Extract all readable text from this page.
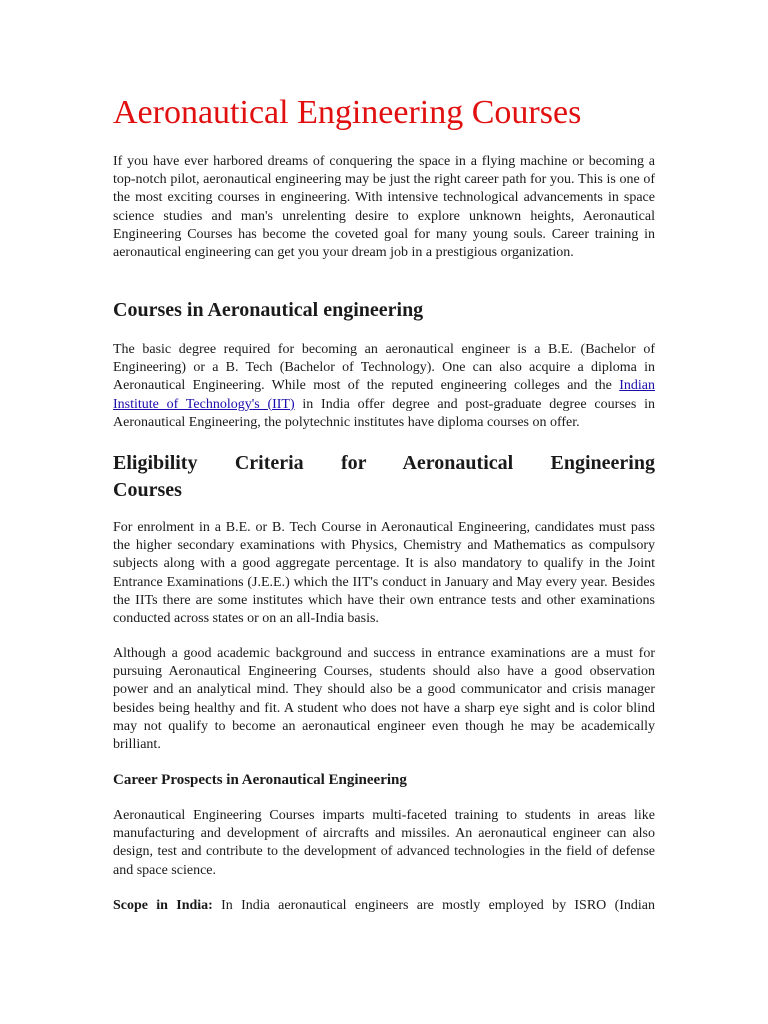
Aeronautical Engineering Courses

If you have ever harbored dreams of conquering the space in a flying machine or becoming a top-notch pilot, aeronautical engineering may be just the right career path for you. This is one of the most exciting courses in engineering. With intensive technological advancements in space science studies and man's unrelenting desire to explore unknown heights, Aeronautical Engineering Courses has become the coveted goal for many young souls. Career training in aeronautical engineering can get you your dream job in a prestigious organization.

Courses in Aeronautical engineering

The basic degree required for becoming an aeronautical engineer is a B.E. (Bachelor of Engineering) or a B. Tech (Bachelor of Technology). One can also acquire a diploma in Aeronautical Engineering. While most of the reputed engineering colleges and the Indian Institute of Technology's (IIT) in India offer degree and post-graduate degree courses in Aeronautical Engineering, the polytechnic institutes have diploma courses on offer.

Eligibility Criteria for Aeronautical Engineering
Courses

For enrolment in a B.E. or B. Tech Course in Aeronautical Engineering, candidates must pass the higher secondary examinations with Physics, Chemistry and Mathematics as compulsory subjects along with a good aggregate percentage. It is also mandatory to qualify in the Joint Entrance Examinations (J.E.E.) which the IIT's conduct in January and May every year. Besides the IITs there are some institutes which have their own entrance tests and other examinations conducted across states or on an all-India basis.

Although a good academic background and success in entrance examinations are a must for pursuing Aeronautical Engineering Courses, students should also have a good observation power and an analytical mind. They should also be a good communicator and crisis manager besides being healthy and fit. A student who does not have a sharp eye sight and is color blind may not qualify to become an aeronautical engineer even though he may be academically brilliant.

Career Prospects in Aeronautical Engineering

Aeronautical Engineering Courses imparts multi-faceted training to students in areas like manufacturing and development of aircrafts and missiles. An aeronautical engineer can also design, test and contribute to the development of advanced technologies in the field of defense and space science.

Scope in India: In India aeronautical engineers are mostly employed by ISRO (Indian
